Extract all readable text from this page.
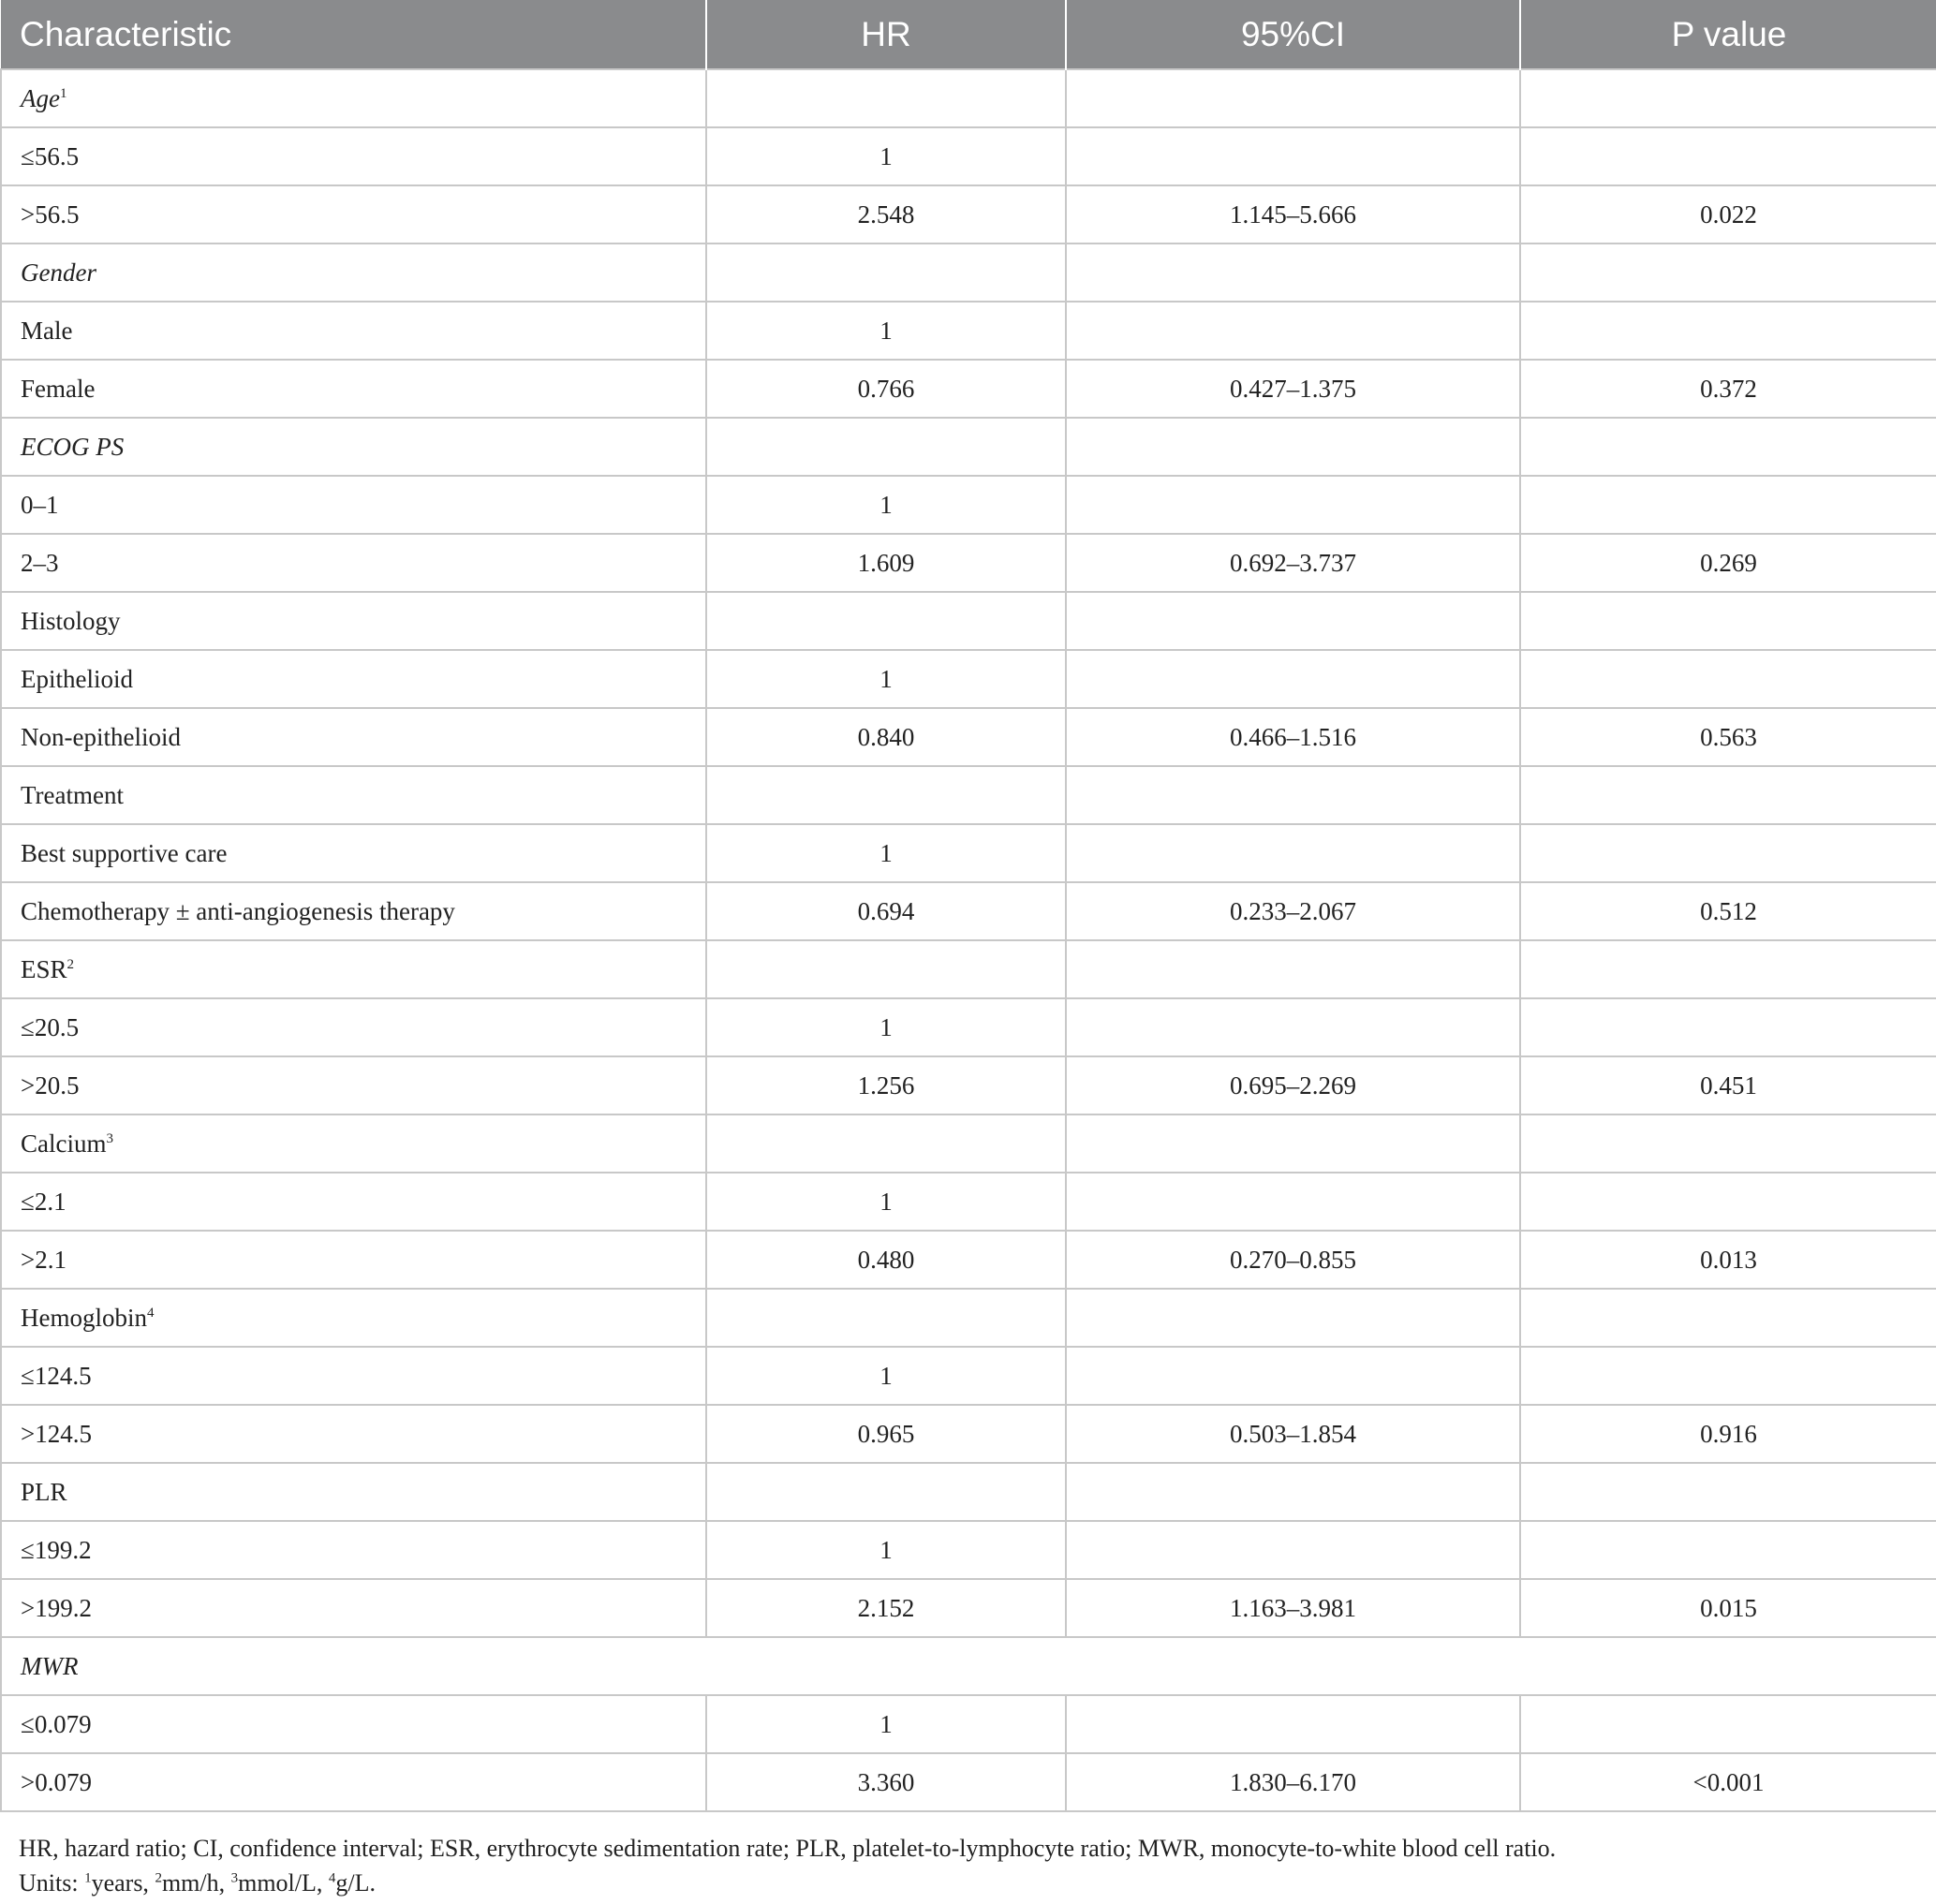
Characteristic	HR	95%CI	P value
Age$^1$			
≤56.5	1		
>56.5	2.548	1.145–5.666	0.022
Gender			
Male	1		
Female	0.766	0.427–1.375	0.372
ECOG PS			
0–1	1		
2–3	1.609	0.692–3.737	0.269
Histology			
Epithelioid	1		
Non-epithelioid	0.840	0.466–1.516	0.563
Treatment			
Best supportive care	1		
Chemotherapy ± anti-angiogenesis therapy	0.694	0.233–2.067	0.512
ESR$^2$			
≤20.5	1		
>20.5	1.256	0.695–2.269	0.451
Calcium$^3$			
≤2.1	1		
>2.1	0.480	0.270–0.855	0.013
Hemoglobin$^4$			
≤124.5	1		
>124.5	0.965	0.503–1.854	0.916
PLR			
≤199.2	1		
>199.2	2.152	1.163–3.981	0.015
MWR			
≤0.079	1		
>0.079	3.360	1.830–6.170	<0.001

HR, hazard ratio; CI, confidence interval; ESR, erythrocyte sedimentation rate; PLR, platelet-to-lymphocyte ratio; MWR, monocyte-to-white blood cell ratio.

Units: $^1$years, $^2$mm/h, $^3$mmol/L, $^4$g/L.
